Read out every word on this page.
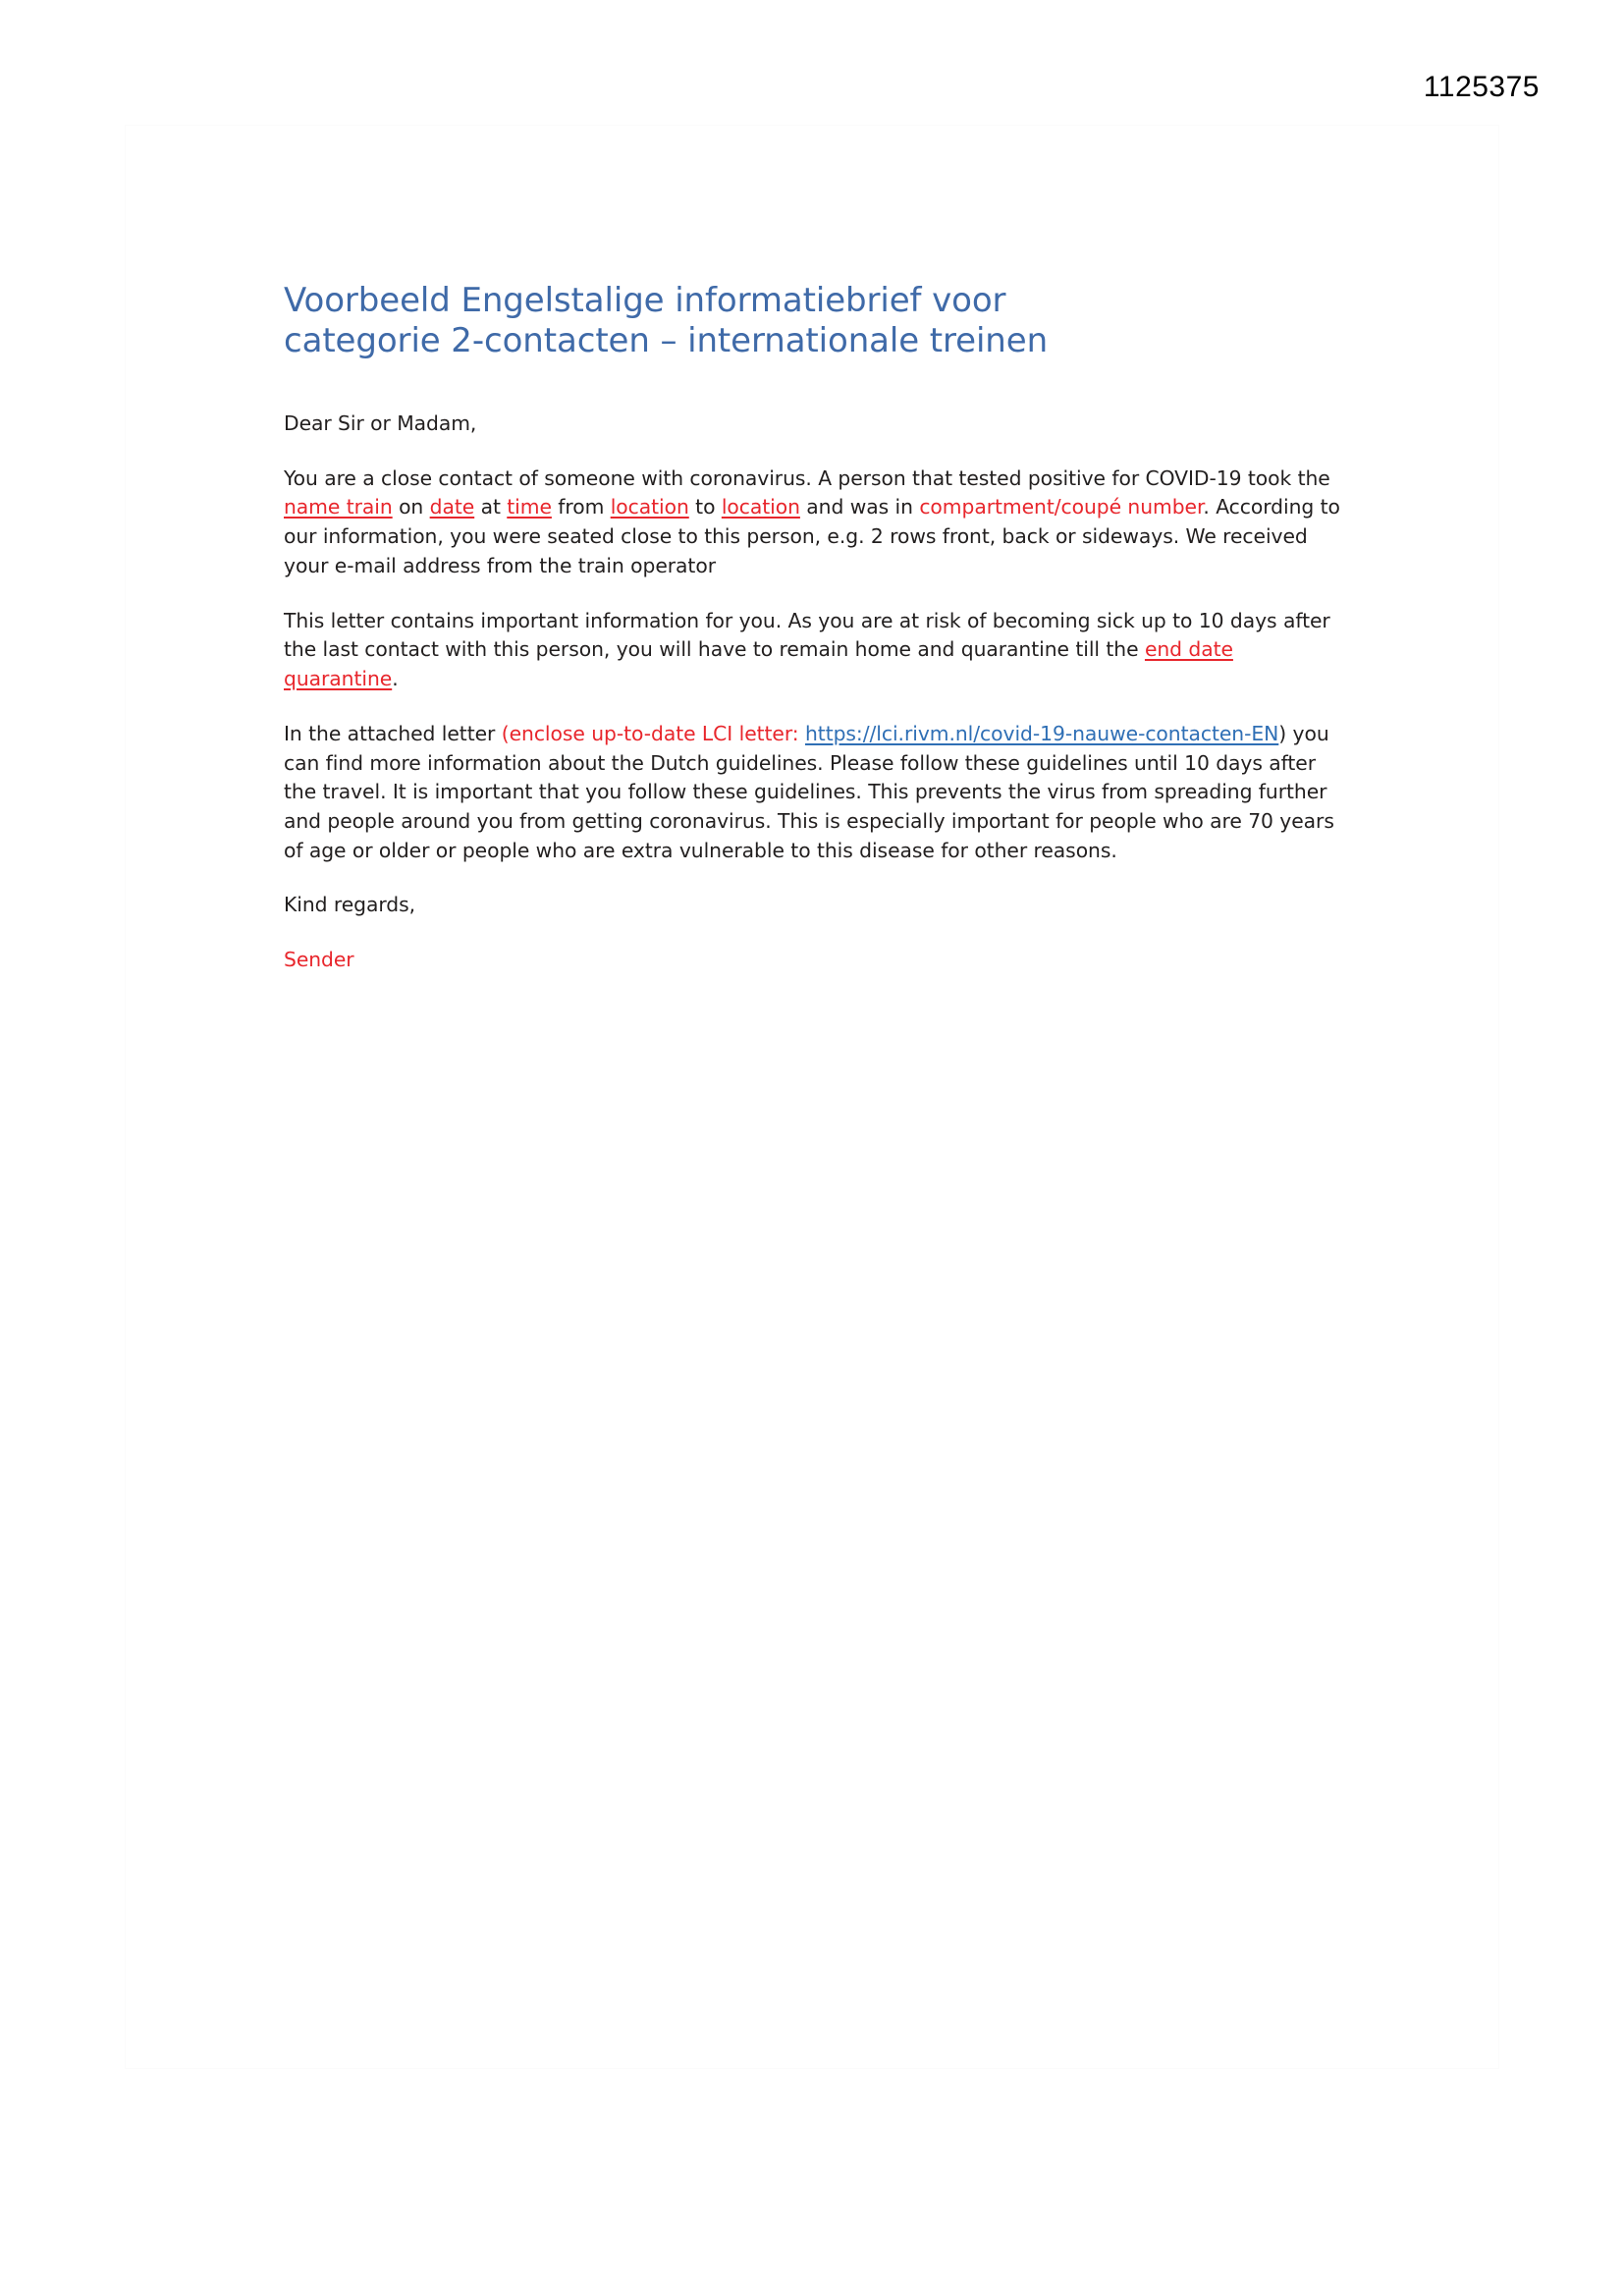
1125375
Voorbeeld Engelstalige informatiebrief voor
categorie 2-contacten – internationale treinen

Dear Sir or Madam,

You are a close contact of someone with coronavirus. A person that tested positive for COVID-19 took the name train on date at time from location to location and was in compartment/coupé number. According to our information, you were seated close to this person, e.g. 2 rows front, back or sideways. We received your e-mail address from the train operator

This letter contains important information for you. As you are at risk of becoming sick up to 10 days after the last contact with this person, you will have to remain home and quarantine till the end date quarantine.

In the attached letter (enclose up-to-date LCI letter: https://lci.rivm.nl/covid-19-nauwe-contacten-EN) you can find more information about the Dutch guidelines. Please follow these guidelines until 10 days after the travel. It is important that you follow these guidelines. This prevents the virus from spreading further and people around you from getting coronavirus. This is especially important for people who are 70 years of age or older or people who are extra vulnerable to this disease for other reasons.

Kind regards,

Sender
